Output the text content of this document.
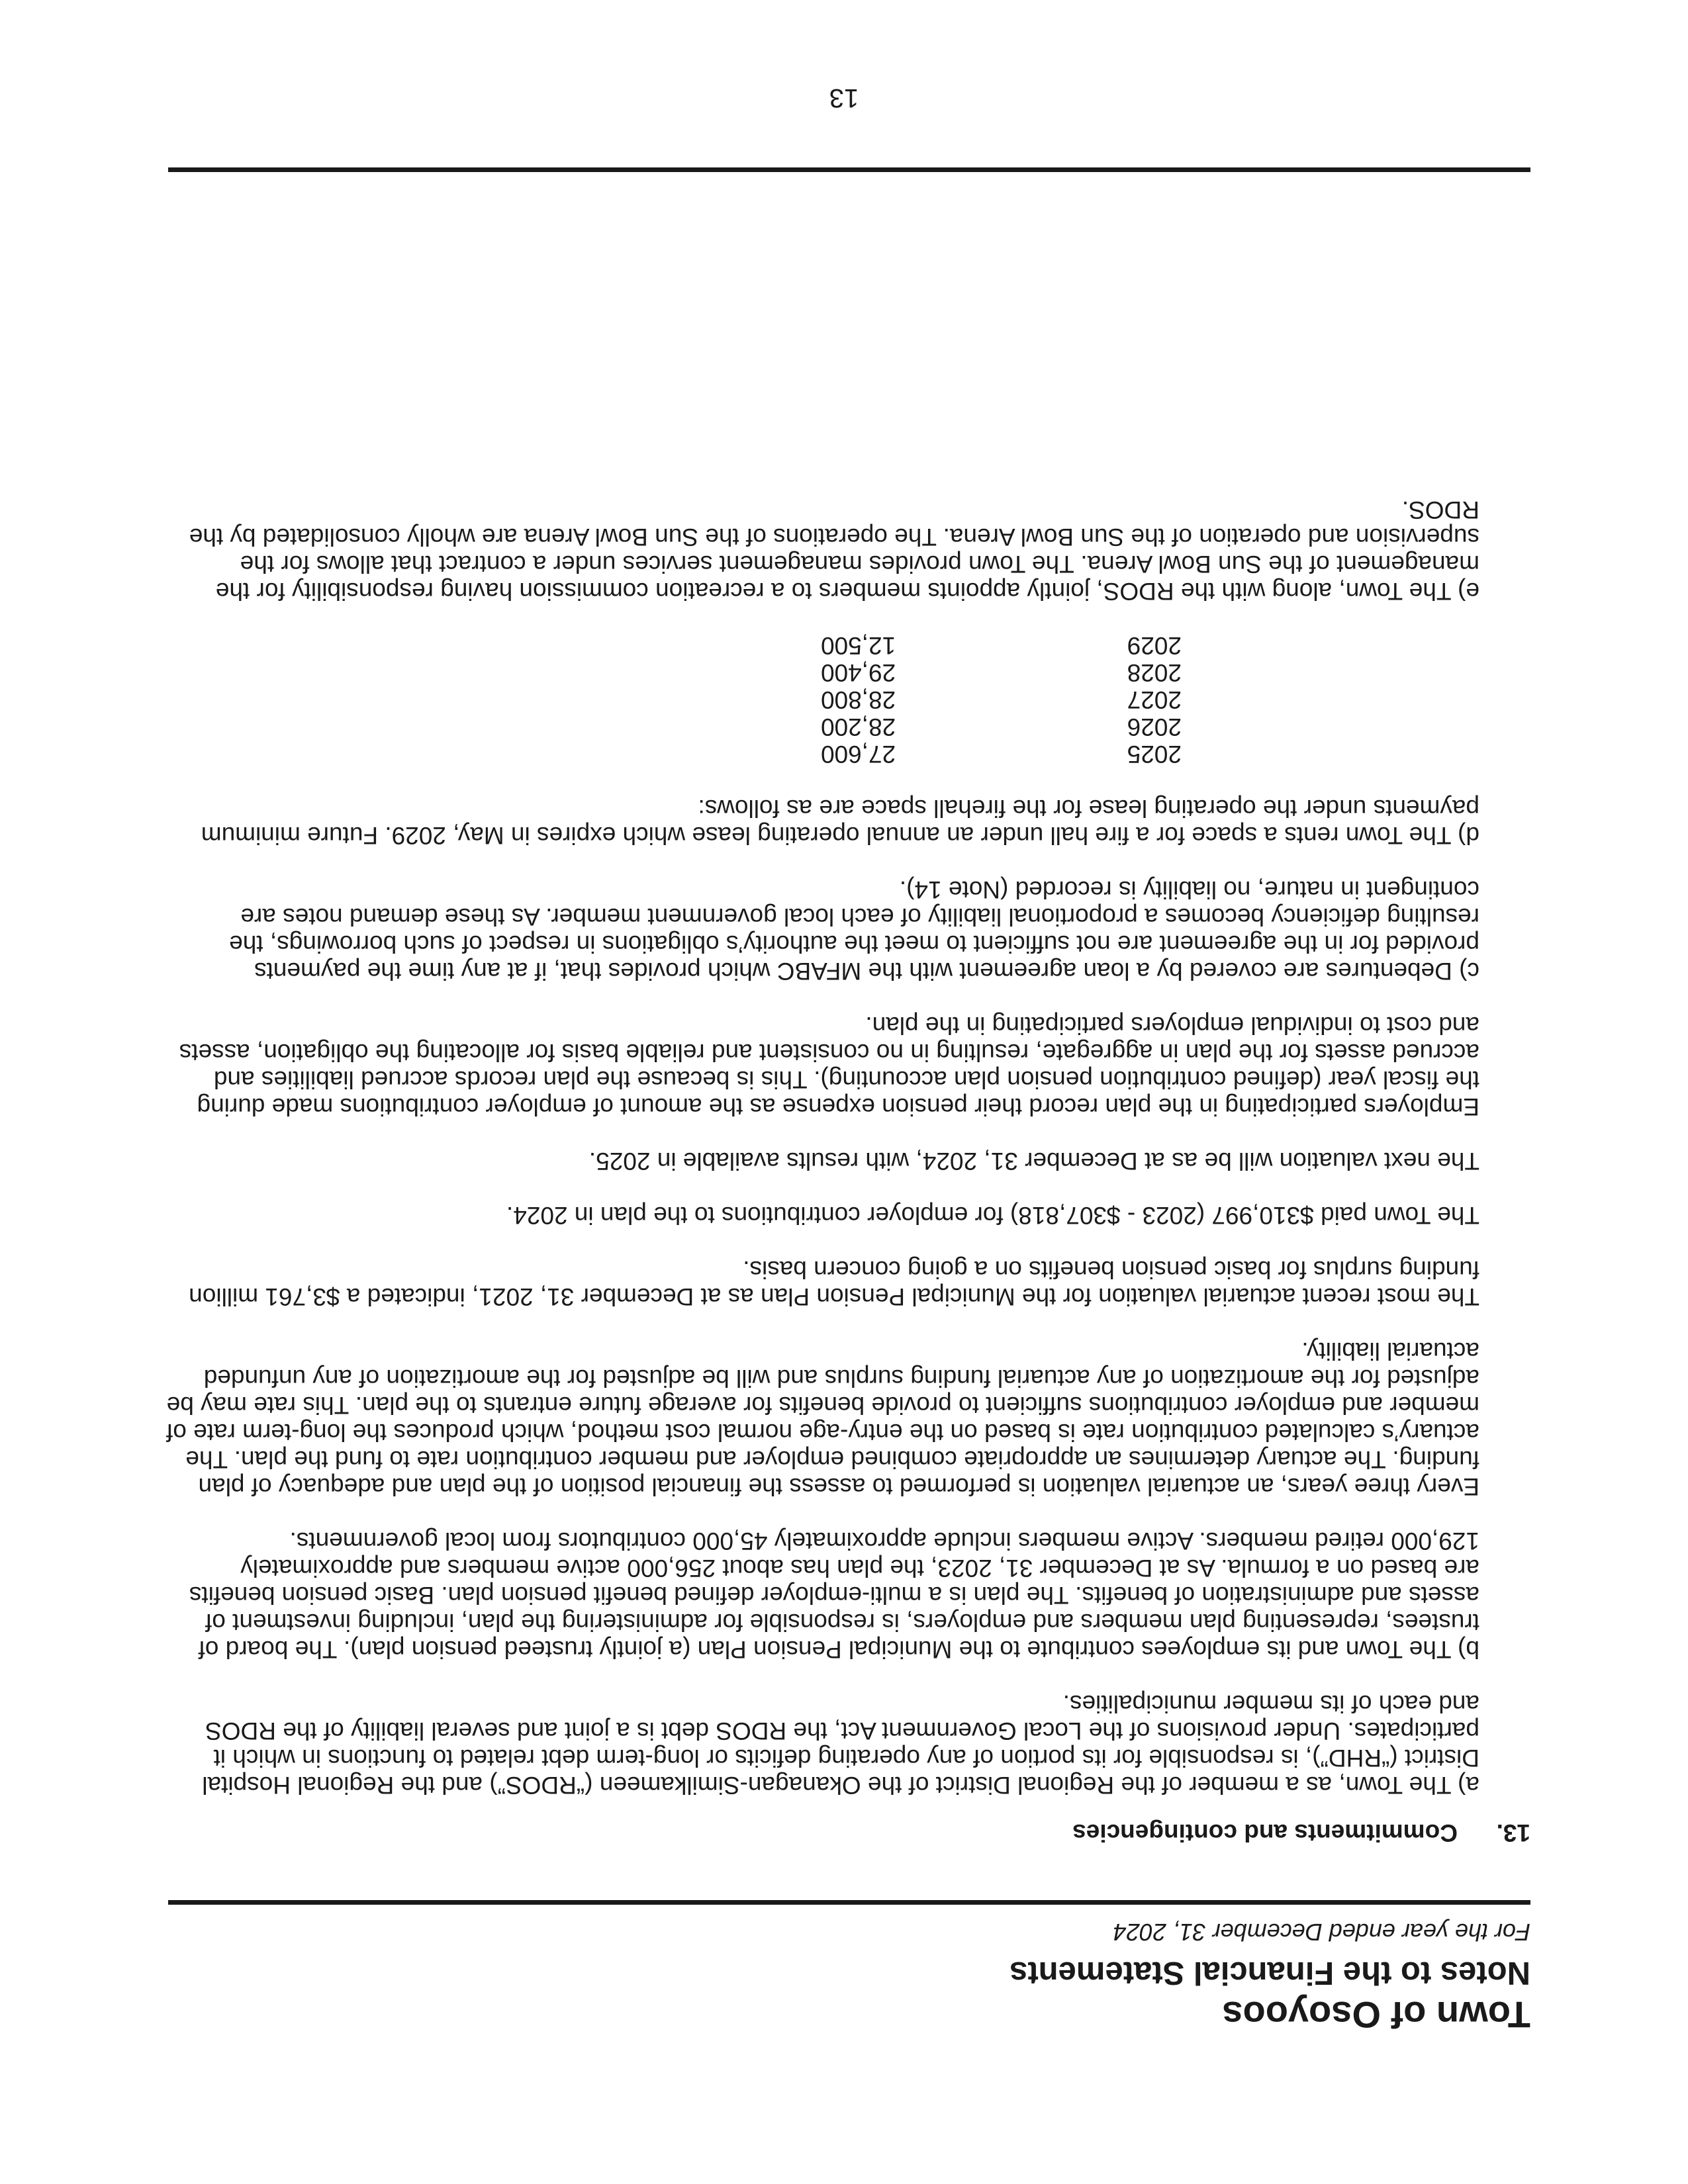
Town of Osoyoos
Notes to the Financial Statements
For the year ended December 31, 2024
13.Commitments and contingencies

a) The Town, as a member of the Regional District of the Okanagan-Similkameen (“RDOS”) and the Regional Hospital District (“RHD”), is responsible for its portion of any operating deficits or long-term debt related to functions in which it participates. Under provisions of the Local Government Act, the RDOS debt is a joint and several liability of the RDOS and each of its member municipalities.

b) The Town and its employees contribute to the Municipal Pension Plan (a jointly trusteed pension plan). The board of trustees, representing plan members and employers, is responsible for administering the plan, including investment of assets and administration of benefits. The plan is a multi-employer defined benefit pension plan. Basic pension benefits are based on a formula. As at December 31, 2023, the plan has about 256,000 active members and approximately 129,000 retired members. Active members include approximately 45,000 contributors from local governments.

Every three years, an actuarial valuation is performed to assess the financial position of the plan and adequacy of plan funding. The actuary determines an appropriate combined employer and member contribution rate to fund the plan. The actuary’s calculated contribution rate is based on the entry-age normal cost method, which produces the long-term rate of member and employer contributions sufficient to provide benefits for average future entrants to the plan. This rate may be adjusted for the amortization of any actuarial funding surplus and will be adjusted for the amortization of any unfunded actuarial liability.

The most recent actuarial valuation for the Municipal Pension Plan as at December 31, 2021, indicated a $3,761 million funding surplus for basic pension benefits on a going concern basis.

The Town paid $310,997 (2023 - $307,818) for employer contributions to the plan in 2024.

The next valuation will be as at December 31, 2024, with results available in 2025.

Employers participating in the plan record their pension expense as the amount of employer contributions made during the fiscal year (defined contribution pension plan accounting). This is because the plan records accrued liabilities and accrued assets for the plan in aggregate, resulting in no consistent and reliable basis for allocating the obligation, assets and cost to individual employers participating in the plan.

c) Debentures are covered by a loan agreement with the MFABC which provides that, if at any time the payments provided for in the agreement are not sufficient to meet the authority’s obligations in respect of such borrowings, the resulting deficiency becomes a proportional liability of each local government member. As these demand notes are contingent in nature, no liability is recorded (Note 14).

d) The Town rents a space for a fire hall under an annual operating lease which expires in May, 2029. Future minimum payments under the operating lease for the firehall space are as follows:

2025
27,600
2026
28,200
2027
28,800
2028
29,400
2029
12,500

e) The Town, along with the RDOS, jointly appoints members to a recreation commission having responsibility for the management of the Sun Bowl Arena. The Town provides management services under a contract that allows for the supervision and operation of the Sun Bowl Arena. The operations of the Sun Bowl Arena are wholly consolidated by the RDOS.

13
